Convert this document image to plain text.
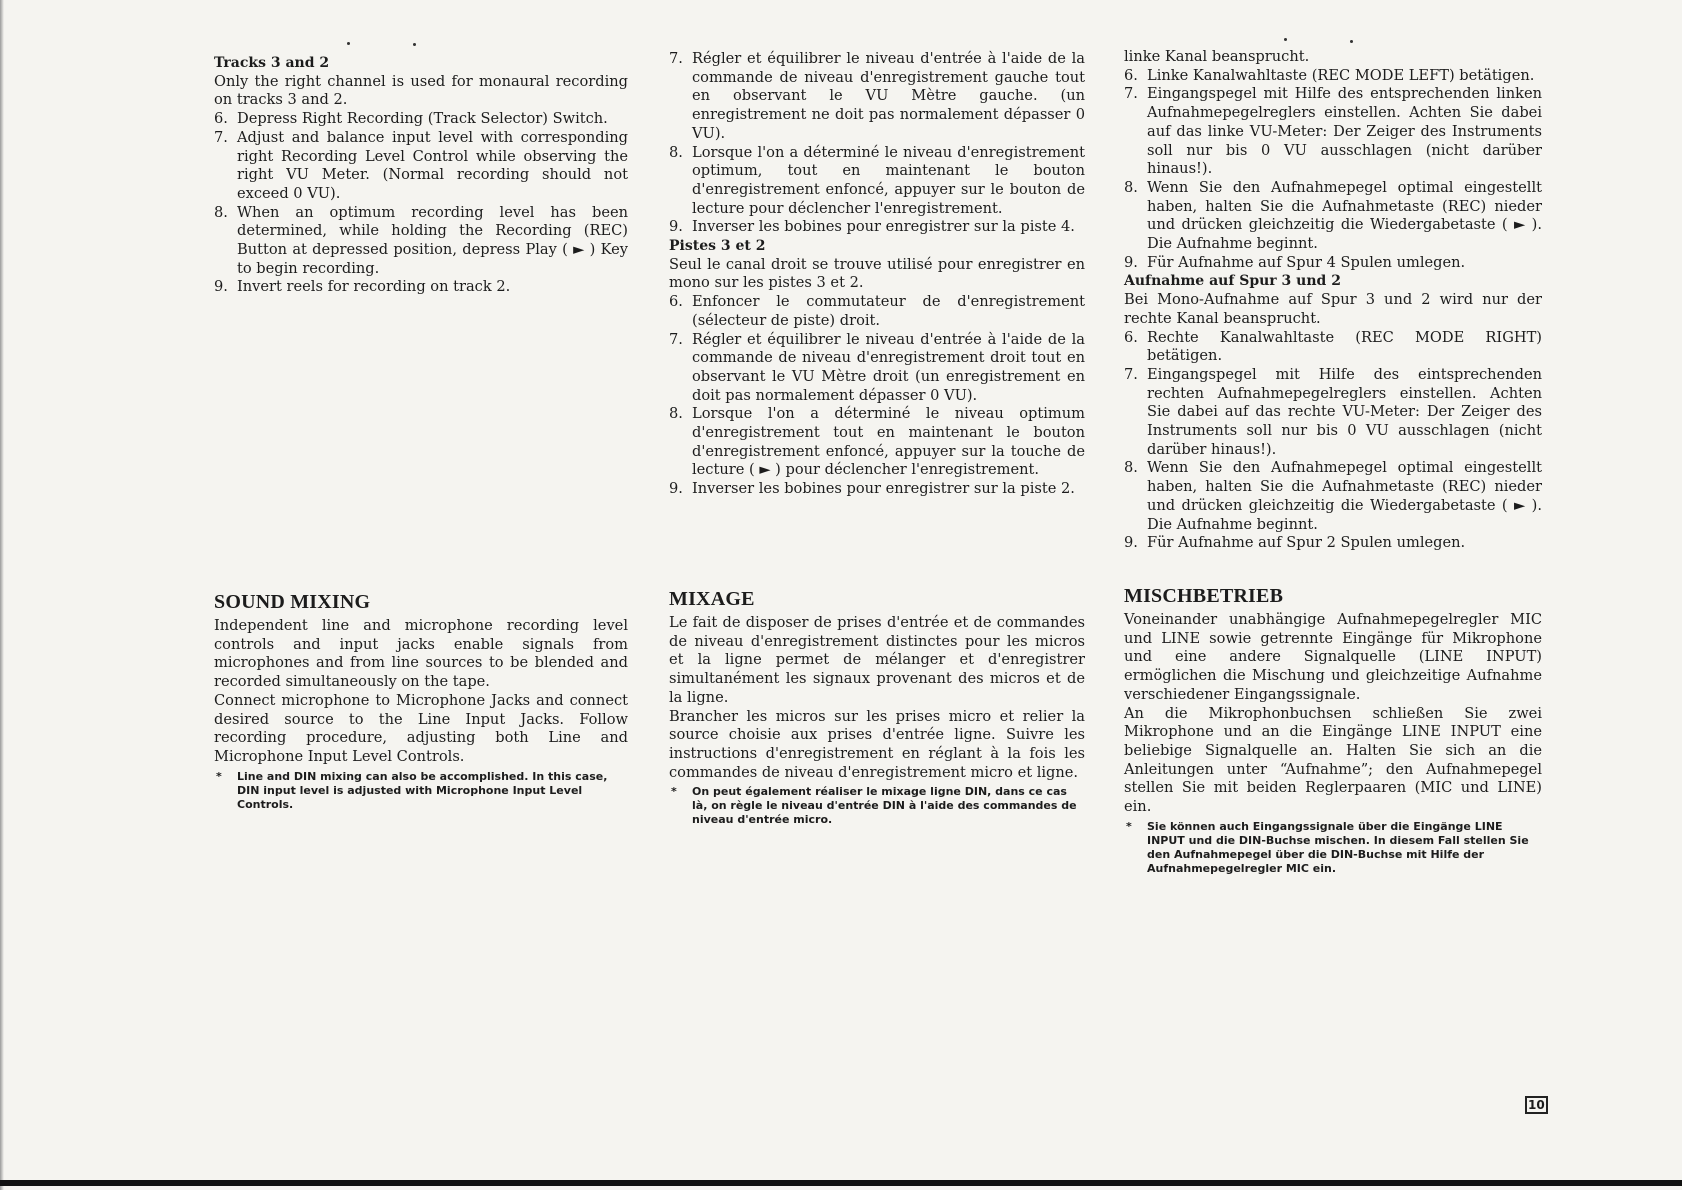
Tracks 3 and 2

Only the right channel is used for monaural recording on tracks 3 and 2.

6. Depress Right Recording (Track Selector) Switch.
7. Adjust and balance input level with corresponding right Recording Level Control while observing the right VU Meter. (Normal recording should not exceed 0 VU).
8. When an optimum recording level has been determined, while holding the Recording (REC) Button at depressed position, depress Play ( ► ) Key to begin recording.
9. Invert reels for recording on track 2.
7. Régler et équilibrer le niveau d'entrée à l'aide de la commande de niveau d'enregistrement gauche tout en observant le VU Mètre gauche. (un enregistrement ne doit pas normalement dépasser 0 VU).
8. Lorsque l'on a déterminé le niveau d'enregistrement optimum, tout en maintenant le bouton d'enregistrement enfoncé, appuyer sur le bouton de lecture pour déclencher l'enregistrement.
9. Inverser les bobines pour enregistrer sur la piste 4.
Pistes 3 et 2

Seul le canal droit se trouve utilisé pour enregistrer en mono sur les pistes 3 et 2.

6. Enfoncer le commutateur de d'enregistrement (sélecteur de piste) droit.
7. Régler et équilibrer le niveau d'entrée à l'aide de la commande de niveau d'enregistrement droit tout en observant le VU Mètre droit (un enregistrement en doit pas normalement dépasser 0 VU).
8. Lorsque l'on a déterminé le niveau optimum d'enregistrement tout en maintenant le bouton d'enregistrement enfoncé, appuyer sur la touche de lecture ( ► ) pour déclencher l'enregistrement.
9. Inverser les bobines pour enregistrer sur la piste 2.

linke Kanal beansprucht.

6. Linke Kanalwahltaste (REC MODE LEFT) betätigen.
7. Eingangspegel mit Hilfe des entsprechenden linken Aufnahmepegelreglers einstellen. Achten Sie dabei auf das linke VU-Meter: Der Zeiger des Instruments soll nur bis 0 VU ausschlagen (nicht darüber hinaus!).
8. Wenn Sie den Aufnahmepegel optimal eingestellt haben, halten Sie die Aufnahmetaste (REC) nieder und drücken gleichzeitig die Wiedergabetaste ( ► ). Die Aufnahme beginnt.
9. Für Aufnahme auf Spur 4 Spulen umlegen.
Aufnahme auf Spur 3 und 2

Bei Mono-Aufnahme auf Spur 3 und 2 wird nur der rechte Kanal beansprucht.

6. Rechte Kanalwahltaste (REC MODE RIGHT) betätigen.
7. Eingangspegel mit Hilfe des eintsprechenden rechten Aufnahmepegelreglers einstellen. Achten Sie dabei auf das rechte VU-Meter: Der Zeiger des Instruments soll nur bis 0 VU ausschlagen (nicht darüber hinaus!).
8. Wenn Sie den Aufnahmepegel optimal eingestellt haben, halten Sie die Aufnahmetaste (REC) nieder und drücken gleichzeitig die Wiedergabetaste ( ► ). Die Aufnahme beginnt.
9. Für Aufnahme auf Spur 2 Spulen umlegen.
SOUND MIXING

Independent line and microphone recording level controls and input jacks enable signals from microphones and from line sources to be blended and recorded simultaneously on the tape.

Connect microphone to Microphone Jacks and connect desired source to the Line Input Jacks. Follow recording procedure, adjusting both Line and Microphone Input Level Controls.

* Line and DIN mixing can also be accomplished. In this case, DIN input level is adjusted with Microphone Input Level Controls.
MIXAGE

Le fait de disposer de prises d'entrée et de commandes de niveau d'enregistrement distinctes pour les micros et la ligne permet de mélanger et d'enregistrer simultanément les signaux provenant des micros et de la ligne.

Brancher les micros sur les prises micro et relier la source choisie aux prises d'entrée ligne. Suivre les instructions d'enregistrement en réglant à la fois les commandes de niveau d'enregistrement micro et ligne.

* On peut également réaliser le mixage ligne DIN, dans ce cas là, on règle le niveau d'entrée DIN à l'aide des commandes de niveau d'entrée micro.
MISCHBETRIEB

Voneinander unabhängige Aufnahmepegelregler MIC und LINE sowie getrennte Eingänge für Mikrophone und eine andere Signalquelle (LINE INPUT) ermöglichen die Mischung und gleichzeitige Aufnahme verschiedener Eingangssignale.

An die Mikrophonbuchsen schließen Sie zwei Mikrophone und an die Eingänge LINE INPUT eine beliebige Signalquelle an. Halten Sie sich an die Anleitungen unter “Aufnahme”; den Aufnahmepegel stellen Sie mit beiden Reglerpaaren (MIC und LINE) ein.

* Sie können auch Eingangssignale über die Eingänge LINE INPUT und die DIN-Buchse mischen. In diesem Fall stellen Sie den Aufnahmepegel über die DIN-Buchse mit Hilfe der Aufnahmepegelregler MIC ein.
10
